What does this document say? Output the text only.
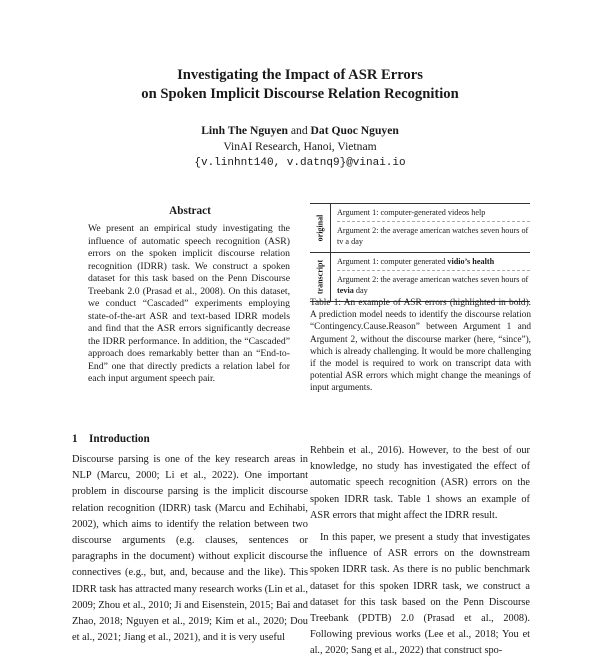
Investigating the Impact of ASR Errors
on Spoken Implicit Discourse Relation Recognition
Linh The Nguyen and Dat Quoc Nguyen
VinAI Research, Hanoi, Vietnam
{v.linhnt140, v.datnq9}@vinai.io
Abstract

We present an empirical study investigating the influence of automatic speech recognition (ASR) errors on the spoken implicit discourse relation recognition (IDRR) task. We construct a spoken dataset for this task based on the Penn Discourse Treebank 2.0 (Prasad et al., 2008). On this dataset, we conduct “Cascaded” experiments employing state-of-the-art ASR and text-based IDRR models and find that the ASR errors significantly decrease the IDRR performance. In addition, the “Cascaded” approach does remarkably better than an “End-to-End” one that directly predicts a relation label for each input argument speech pair.

1 Introduction

Discourse parsing is one of the key research areas in NLP (Marcu, 2000; Li et al., 2022). One important problem in discourse parsing is the implicit discourse relation recognition (IDRR) task (Marcu and Echihabi, 2002), which aims to identify the relation between two discourse arguments (e.g. clauses, sentences or paragraphs in the document) without explicit discourse connectives (e.g., but, and, because and the like). This IDRR task has attracted many research works (Lin et al., 2009; Zhou et al., 2010; Ji and Eisenstein, 2015; Bai and Zhao, 2018; Nguyen et al., 2019; Kim et al., 2020; Dou et al., 2021; Jiang et al., 2021), and it is very useful

original
Argument 1: computer-generated videos help
Argument 2: the average american watches seven hours of tv a day
transcript Argument 1: computer generated vidio’s health
Argument 2: the average american watches seven hours of tevia day

Table 1: An example of ASR errors (highlighted in bold). A prediction model needs to identify the discourse relation “Contingency.Cause.Reason” between Argument 1 and Argument 2, without the discourse marker (here, “since”), which is already challenging. It would be more challenging if the model is required to work on transcript data with potential ASR errors which might change the meanings of input arguments.

Rehbein et al., 2016). However, to the best of our knowledge, no study has investigated the effect of automatic speech recognition (ASR) errors on the spoken IDRR task. Table 1 shows an example of ASR errors that might affect the IDRR result.

In this paper, we present a study that investigates the influence of ASR errors on the downstream spoken IDRR task. As there is no public benchmark dataset for this spoken IDRR task, we construct a dataset for this task based on the Penn Discourse Treebank (PDTB) 2.0 (Prasad et al., 2008). Following previous works (Lee et al., 2018; You et al., 2020; Sang et al., 2022) that construct spo-
